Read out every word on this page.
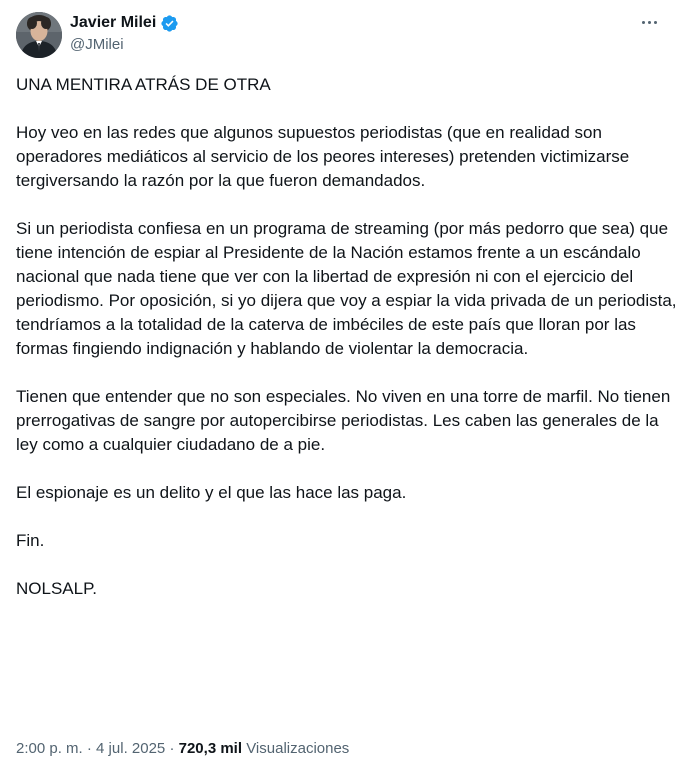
Javier Milei
@JMilei

UNA MENTIRA ATRÁS DE OTRA

Hoy veo en las redes que algunos supuestos periodistas (que en realidad son operadores mediáticos al servicio de los peores intereses) pretenden victimizarse tergiversando la razón por la que fueron demandados.

Si un periodista confiesa en un programa de streaming (por más pedorro que sea) que tiene intención de espiar al Presidente de la Nación estamos frente a un escándalo nacional que nada tiene que ver con la libertad de expresión ni con el ejercicio del periodismo. Por oposición, si yo dijera que voy a espiar la vida privada de un periodista, tendríamos a la totalidad de la caterva de imbéciles de este país que lloran por las formas fingiendo indignación y hablando de violentar la democracia.

Tienen que entender que no son especiales. No viven en una torre de marfil. No tienen prerrogativas de sangre por autopercibirse periodistas. Les caben las generales de la ley como a cualquier ciudadano de a pie.

El espionaje es un delito y el que las hace las paga.

Fin.

NOLSALP.

2:00 p. m. · 4 jul. 2025 · 720,3 mil Visualizaciones
